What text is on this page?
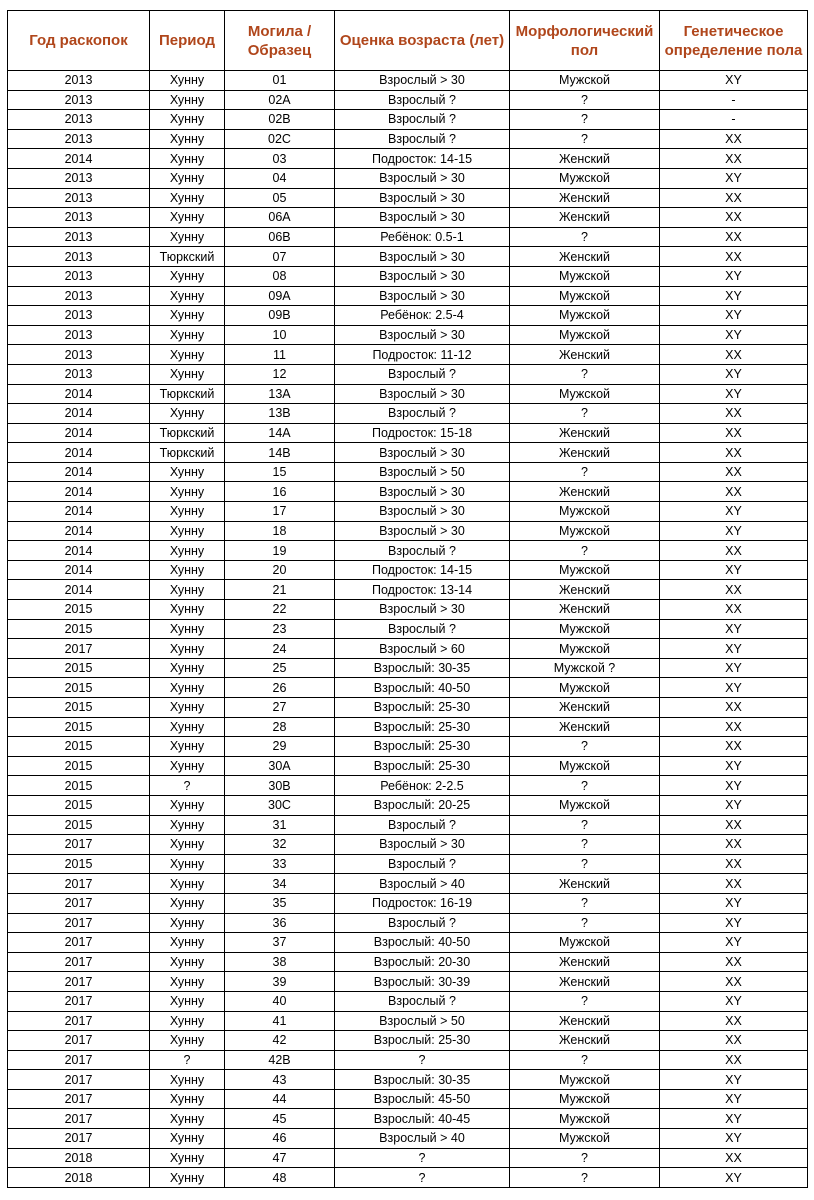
Год раскопок	Период	Могила / Образец	Оценка возраста (лет)	Морфологический пол	Генетическое определение пола
2013	Хунну	01	Взрослый > 30	Мужской	XY
2013	Хунну	02A	Взрослый ?	?	-
2013	Хунну	02B	Взрослый ?	?	-
2013	Хунну	02C	Взрослый ?	?	XX
2014	Хунну	03	Подросток: 14-15	Женский	XX
2013	Хунну	04	Взрослый > 30	Мужской	XY
2013	Хунну	05	Взрослый > 30	Женский	XX
2013	Хунну	06A	Взрослый > 30	Женский	XX
2013	Хунну	06B	Ребёнок: 0.5-1	?	XX
2013	Тюркский	07	Взрослый > 30	Женский	XX
2013	Хунну	08	Взрослый > 30	Мужской	XY
2013	Хунну	09A	Взрослый > 30	Мужской	XY
2013	Хунну	09B	Ребёнок: 2.5-4	Мужской	XY
2013	Хунну	10	Взрослый > 30	Мужской	XY
2013	Хунну	11	Подросток: 11-12	Женский	XX
2013	Хунну	12	Взрослый ?	?	XY
2014	Тюркский	13A	Взрослый > 30	Мужской	XY
2014	Хунну	13B	Взрослый ?	?	XX
2014	Тюркский	14A	Подросток: 15-18	Женский	XX
2014	Тюркский	14B	Взрослый > 30	Женский	XX
2014	Хунну	15	Взрослый > 50	?	XX
2014	Хунну	16	Взрослый > 30	Женский	XX
2014	Хунну	17	Взрослый > 30	Мужской	XY
2014	Хунну	18	Взрослый > 30	Мужской	XY
2014	Хунну	19	Взрослый ?	?	XX
2014	Хунну	20	Подросток: 14-15	Мужской	XY
2014	Хунну	21	Подросток: 13-14	Женский	XX
2015	Хунну	22	Взрослый > 30	Женский	XX
2015	Хунну	23	Взрослый ?	Мужской	XY
2017	Хунну	24	Взрослый > 60	Мужской	XY
2015	Хунну	25	Взрослый: 30-35	Мужской ?	XY
2015	Хунну	26	Взрослый: 40-50	Мужской	XY
2015	Хунну	27	Взрослый: 25-30	Женский	XX
2015	Хунну	28	Взрослый: 25-30	Женский	XX
2015	Хунну	29	Взрослый: 25-30	?	XX
2015	Хунну	30A	Взрослый: 25-30	Мужской	XY
2015	?	30B	Ребёнок: 2-2.5	?	XY
2015	Хунну	30C	Взрослый: 20-25	Мужской	XY
2015	Хунну	31	Взрослый ?	?	XX
2017	Хунну	32	Взрослый > 30	?	XX
2015	Хунну	33	Взрослый ?	?	XX
2017	Хунну	34	Взрослый > 40	Женский	XX
2017	Хунну	35	Подросток: 16-19	?	XY
2017	Хунну	36	Взрослый ?	?	XY
2017	Хунну	37	Взрослый: 40-50	Мужской	XY
2017	Хунну	38	Взрослый: 20-30	Женский	XX
2017	Хунну	39	Взрослый: 30-39	Женский	XX
2017	Хунну	40	Взрослый ?	?	XY
2017	Хунну	41	Взрослый > 50	Женский	XX
2017	Хунну	42	Взрослый: 25-30	Женский	XX
2017	?	42B	?	?	XX
2017	Хунну	43	Взрослый: 30-35	Мужской	XY
2017	Хунну	44	Взрослый: 45-50	Мужской	XY
2017	Хунну	45	Взрослый: 40-45	Мужской	XY
2017	Хунну	46	Взрослый > 40	Мужской	XY
2018	Хунну	47	?	?	XX
2018	Хунну	48	?	?	XY
